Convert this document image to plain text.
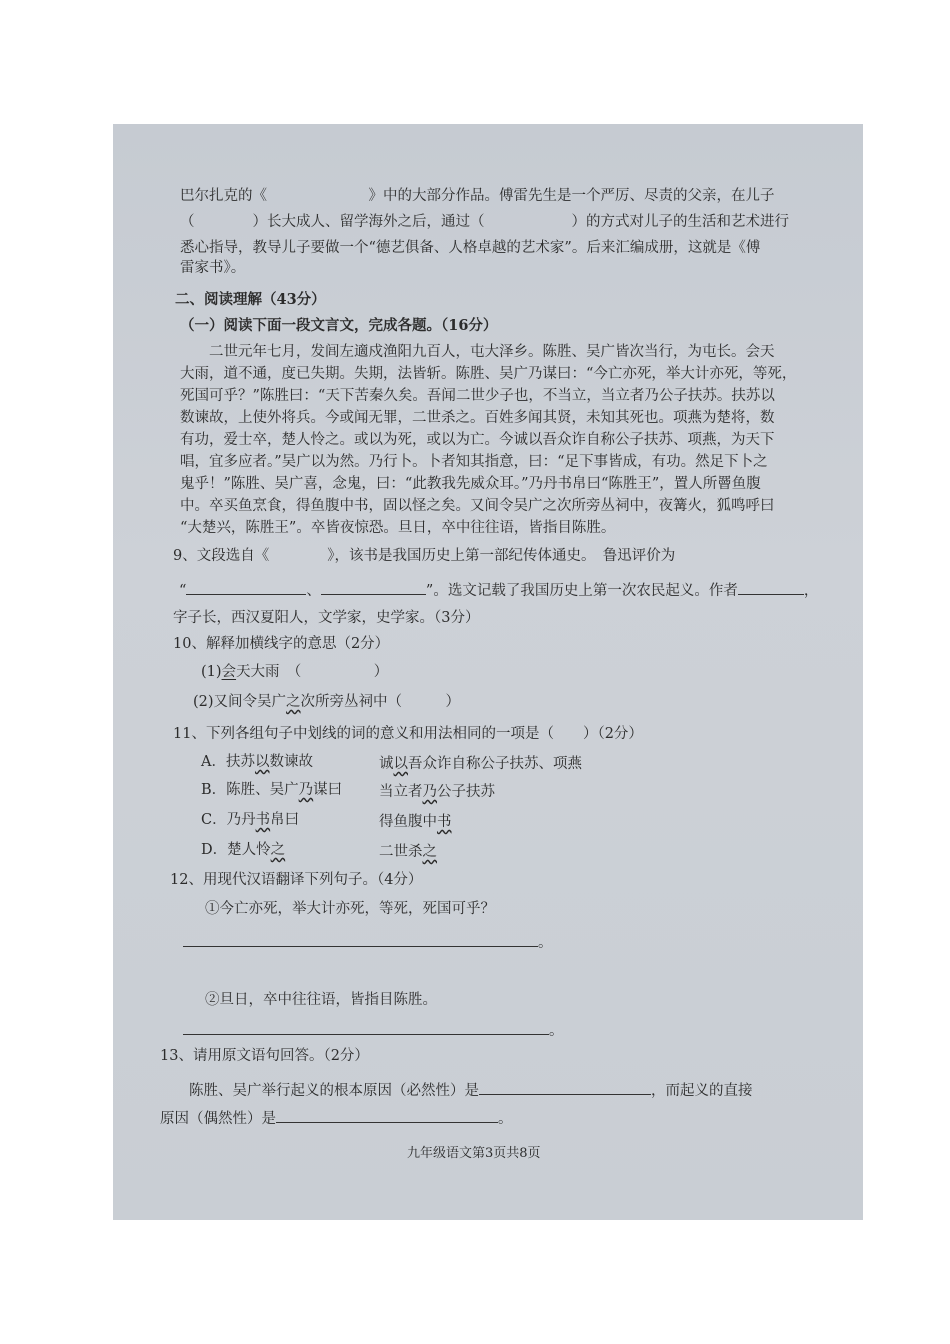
巴尔扎克的《　　　　　　　》中的大部分作品。傅雷先生是一个严厉、尽责的父亲，在儿子
（　　　　）长大成人、留学海外之后，通过（　　　　　　）的方式对儿子的生活和艺术进行
悉心指导，教导儿子要做一个“德艺俱备、人格卓越的艺术家”。后来汇编成册，这就是《傅
雷家书》。
二、阅读理解（43分）
（一）阅读下面一段文言文，完成各题。（16分）
二世元年七月，发闾左適戍渔阳九百人，屯大泽乡。陈胜、吴广皆次当行，为屯长。会天
大雨，道不通，度已失期。失期，法皆斩。陈胜、吴广乃谋曰：“今亡亦死，举大计亦死，等死，
死国可乎？”陈胜曰：“天下苦秦久矣。吾闻二世少子也，不当立，当立者乃公子扶苏。扶苏以
数谏故，上使外将兵。今或闻无罪，二世杀之。百姓多闻其贤，未知其死也。项燕为楚将，数
有功，爱士卒，楚人怜之。或以为死，或以为亡。今诚以吾众诈自称公子扶苏、项燕，为天下
唱，宜多应者。”吴广以为然。乃行卜。卜者知其指意，曰：“足下事皆成，有功。然足下卜之
鬼乎！”陈胜、吴广喜，念鬼，曰：“此教我先威众耳。”乃丹书帛曰“陈胜王”，置人所罾鱼腹
中。卒买鱼烹食，得鱼腹中书，固以怪之矣。又间令吴广之次所旁丛祠中，夜篝火，狐鸣呼曰
“大楚兴，陈胜王”。卒皆夜惊恐。旦日，卒中往往语，皆指目陈胜。
9、文段选自《　　　　》，该书是我国历史上第一部纪传体通史。　鲁迅评价为
“	、	”。选文记载了我国历史上第一次农民起义。作者	，
字子长，西汉夏阳人，文学家，史学家。（3分）
10、解释加横线字的意思（2分）
(1)会天大雨　（　　　　　）
(2)又间令吴广之次所旁丛祠中（　　　）
11、下列各组句子中划线的词的意义和用法相同的一项是（　　）（2分）
A．扶苏以数谏故	诚以吾众诈自称公子扶苏、项燕
B．陈胜、吴广乃谋曰	当立者乃公子扶苏
C．乃丹书帛曰	得鱼腹中书
D．楚人怜之	二世杀之
12、用现代汉语翻译下列句子。（4分）
①今亡亦死，举大计亦死，等死，死国可乎？
。
②旦日，卒中往往语，皆指目陈胜。
。
13、请用原文语句回答。（2分）
陈胜、吴广举行起义的根本原因（必然性）是	，而起义的直接
原因（偶然性）是	。
九年级语文第3页共8页
